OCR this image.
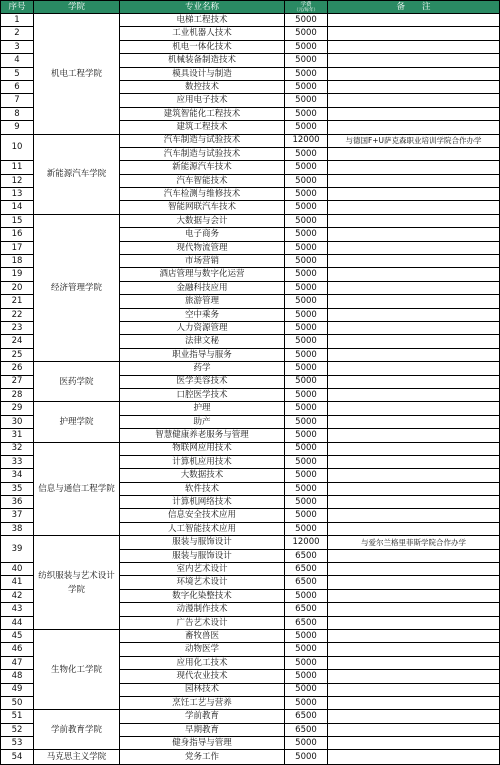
序号	学院	专业名称	学费
（元/每年）	备　　注
1	机电工程学院	电梯工程技术	5000	
2		工业机器人技术	5000	
3		机电一体化技术	5000	
4		机械装备制造技术	5000	
5		模具设计与制造	5000	
6		数控技术	5000	
7		应用电子技术	5000	
8		建筑智能化工程技术	5000	
9		建筑工程技术	5000	
10	新能源汽车学院	汽车制造与试验技术	12000	与德国F+U萨克森职业培训学院合作办学
		汽车制造与试验技术	5000	
11		新能源汽车技术	5000	
12		汽车智能技术	5000	
13		汽车检测与维修技术	5000	
14		智能网联汽车技术	5000	
15	经济管理学院	大数据与会计	5000	
16		电子商务	5000	
17		现代物流管理	5000	
18		市场营销	5000	
19		酒店管理与数字化运营	5000	
20		金融科技应用	5000	
21		旅游管理	5000	
22		空中乘务	5000	
23		人力资源管理	5000	
24		法律文秘	5000	
25		职业指导与服务	5000	
26	医药学院	药学	5000	
27		医学美容技术	5000	
28		口腔医学技术	5000	
29	护理学院	护理	5000	
30		助产	5000	
31		智慧健康养老服务与管理	5000	
32	信息与通信工程学院	物联网应用技术	5000	
33		计算机应用技术	5000	
34		大数据技术	5000	
35		软件技术	5000	
36		计算机网络技术	5000	
37		信息安全技术应用	5000	
38		人工智能技术应用	5000	
39	纺织服装与艺术设计学院	服装与服饰设计	12000	与爱尔兰格里菲斯学院合作办学
		服装与服饰设计	6500	
40		室内艺术设计	6500	
41		环境艺术设计	6500	
42		数字化染整技术	5000	
43		动漫制作技术	6500	
44		广告艺术设计	6500	
45	生物化工学院	畜牧兽医	5000	
46		动物医学	5000	
47		应用化工技术	5000	
48		现代农业技术	5000	
49		园林技术	5000	
50		烹饪工艺与营养	5000	
51	学前教育学院	学前教育	6500	
52		早期教育	6500	
53		健身指导与管理	5000	
54	马克思主义学院	党务工作	5000	
